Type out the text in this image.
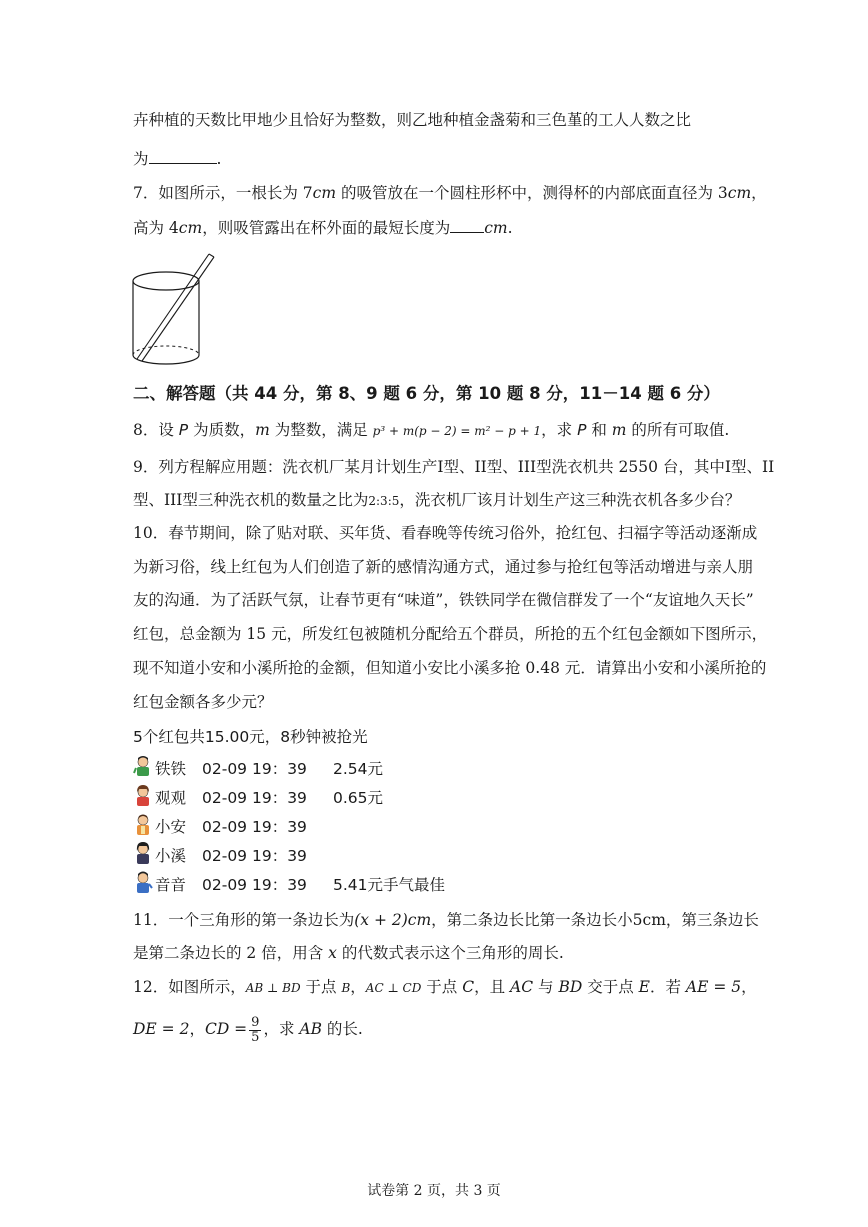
卉种植的天数比甲地少且恰好为整数，则乙地种植金盏菊和三色堇的工人人数之比
为	.
7．如图所示，一根长为 7cm 的吸管放在一个圆柱形杯中，测得杯的内部底面直径为 3cm，
高为 4cm，则吸管露出在杯外面的最短长度为 cm.
二、解答题（共 44 分，第 8、9 题 6 分，第 10 题 8 分，11－14 题 6 分）
8．设 P 为质数，m 为整数，满足 p³ + m(p − 2) = m² − p + 1，求 P 和 m 的所有可取值.
9．列方程解应用题：洗衣机厂某月计划生产I型、II型、III型洗衣机共 2550 台，其中I型、II
型、III型三种洗衣机的数量之比为2:3:5，洗衣机厂该月计划生产这三种洗衣机各多少台？
10．春节期间，除了贴对联、买年货、看春晚等传统习俗外，抢红包、扫福字等活动逐渐成
为新习俗，线上红包为人们创造了新的感情沟通方式，通过参与抢红包等活动增进与亲人朋
友的沟通．为了活跃气氛，让春节更有“味道”，铁铁同学在微信群发了一个“友谊地久天长”
红包，总金额为 15 元，所发红包被随机分配给五个群员，所抢的五个红包金额如下图所示，
现不知道小安和小溪所抢的金额，但知道小安比小溪多抢 0.48 元．请算出小安和小溪所抢的
红包金额各多少元？
5个红包共15.00元，8秒钟被抢光
铁铁 02-09 19：39 2.54元
观观 02-09 19：39 0.65元
小安 02-09 19：39
小溪 02-09 19：39
音音 02-09 19：39 5.41元手气最佳
11．一个三角形的第一条边长为(x + 2)cm，第二条边长比第一条边长小5cm，第三条边长
是第二条边长的 2 倍，用含 x 的代数式表示这个三角形的周长.
12．如图所示，AB ⊥ BD 于点 B，AC ⊥ CD 于点 C，且 AC 与 BD 交于点 E．若 AE = 5，
DE = 2，CD = $\frac{9}{5}$ ，求 AB 的长.
试卷第 2 页，共 3 页
